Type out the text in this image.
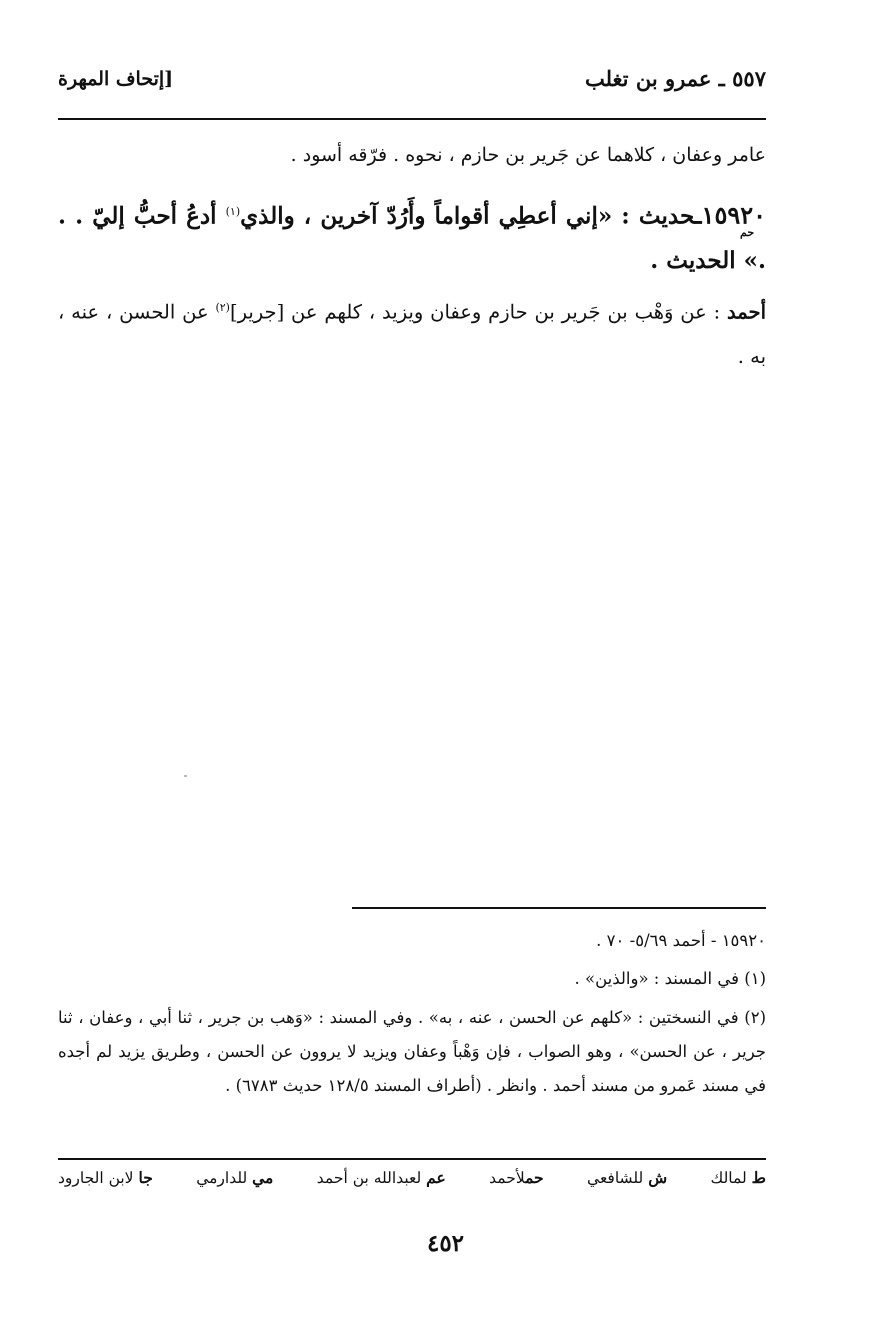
٥٥٧ ـ عمرو بن تغلب
[إتحاف المهرة
عامر وعفان ، كلاهما عن جَرير بن حازم ، نحوه . فرّقه أسود .
١٥٩٢٠ـحديث : «إني أعطِي أقواماً وأَرُدّ آخرين ، والذي$^{(١)}$ أدعُ أحبُّ إليّ . . .» الحديث .
حم
أحمد : عن وَهْب بن جَرير بن حازم وعفان ويزيد ، كلهم عن [جرير]$^{(٢)}$ عن الحسن ، عنه ، به .
١٥٩٢٠ - أحمد ٥/٦٩- ٧٠ .
(١) في المسند : «والذين» .
(٢) في النسختين : «كلهم عن الحسن ، عنه ، به» . وفي المسند : «وَهب بن جرير ، ثنا أبي ، وعفان ، ثنا جرير ، عن الحسن» ، وهو الصواب ، فإن وَهْباً وعفان ويزيد لا يروون عن الحسن ، وطريق يزيد لم أجده في مسند عَمرو من مسند أحمد . وانظر . (أطراف المسند ١٢٨/٥ حديث ٦٧٨٣) .
ط لمالك
ش للشافعي
حملأحمد
عم لعبدالله بن أحمد
مي للدارمي
جا لابن الجارود
٤٥٢
